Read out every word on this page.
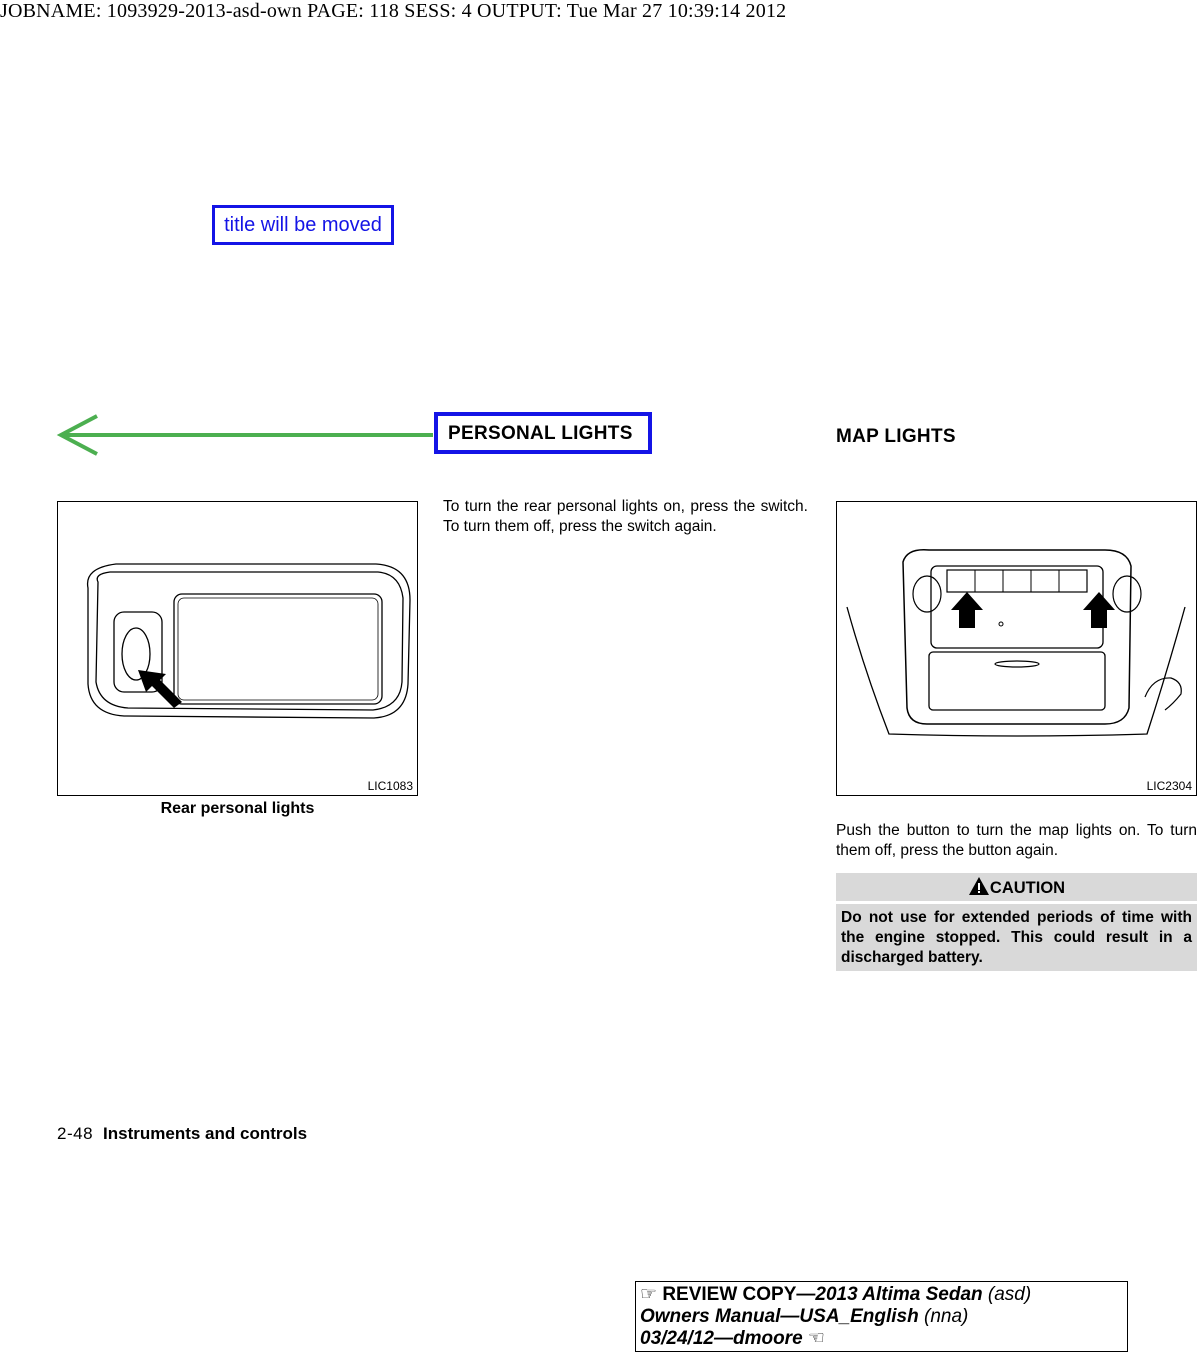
JOBNAME: 1093929-2013-asd-own PAGE: 118 SESS: 4 OUTPUT: Tue Mar 27 10:39:14 2012
title will be moved
PERSONAL LIGHTS	MAP LIGHTS
To turn the rear personal lights on, press the switch. To turn them off, press the switch again.
LIC1083
Rear personal lights
LIC2304
Push the button to turn the map lights on. To turn them off, press the button again.
CAUTION
Do not use for extended periods of time with the engine stopped. This could result in a discharged battery.
2-48 Instruments and controls
☞ REVIEW COPY—2013 Altima Sedan (asd)
Owners Manual—USA_English (nna)
03/24/12—dmoore ☜
